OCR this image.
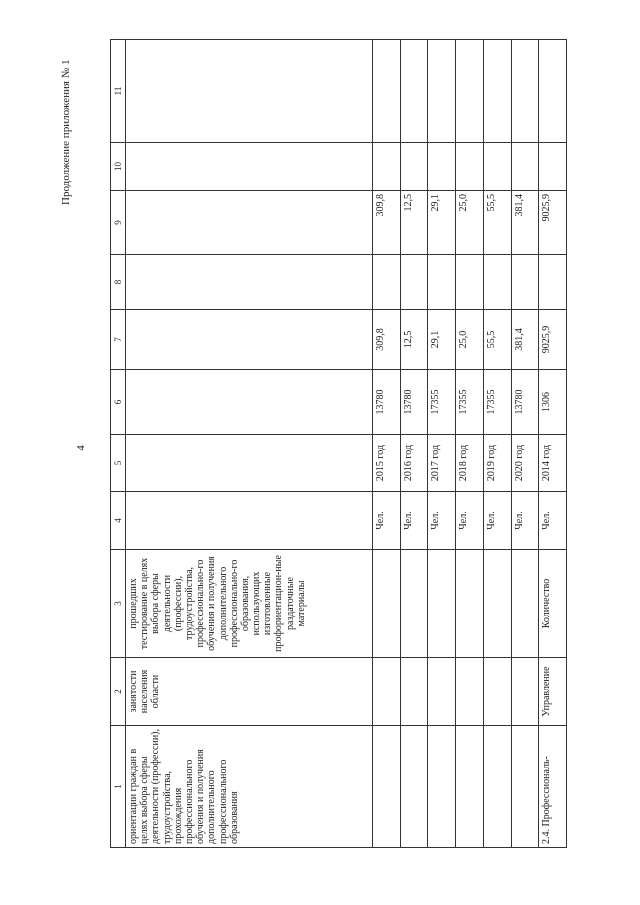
4
Продолжение приложения № 1
1	2	3	4	5	6	7	8	9	10	11
ориентации граждан в целях выбора сферы деятельности (профессии), трудоустройства, прохождения профессионального обучения и получения дополнительного профессионального образования	занятости населения области	прошедших тестирование в целях выбора сферы деятельности (профессии), трудоустройства, профессионально-го обучения и получения дополнительного профессионально-го образования, использующих изготовленные профориентацион-ные раздаточные материалы								
			Чел.	2015 год	13780	309,8		309,8		
			Чел.	2016 год	13780	12,5		12,5		
			Чел.	2017 год	17355	29,1		29,1		
			Чел.	2018 год	17355	25,0		25,0		
			Чел.	2019 год	17355	55,5		55,5		
			Чел.	2020 год	13780	381,4		381,4		
2.4. Профессиональ-	Управление	Количество	Чел.	2014 год	1306	9025,9		9025,9		
